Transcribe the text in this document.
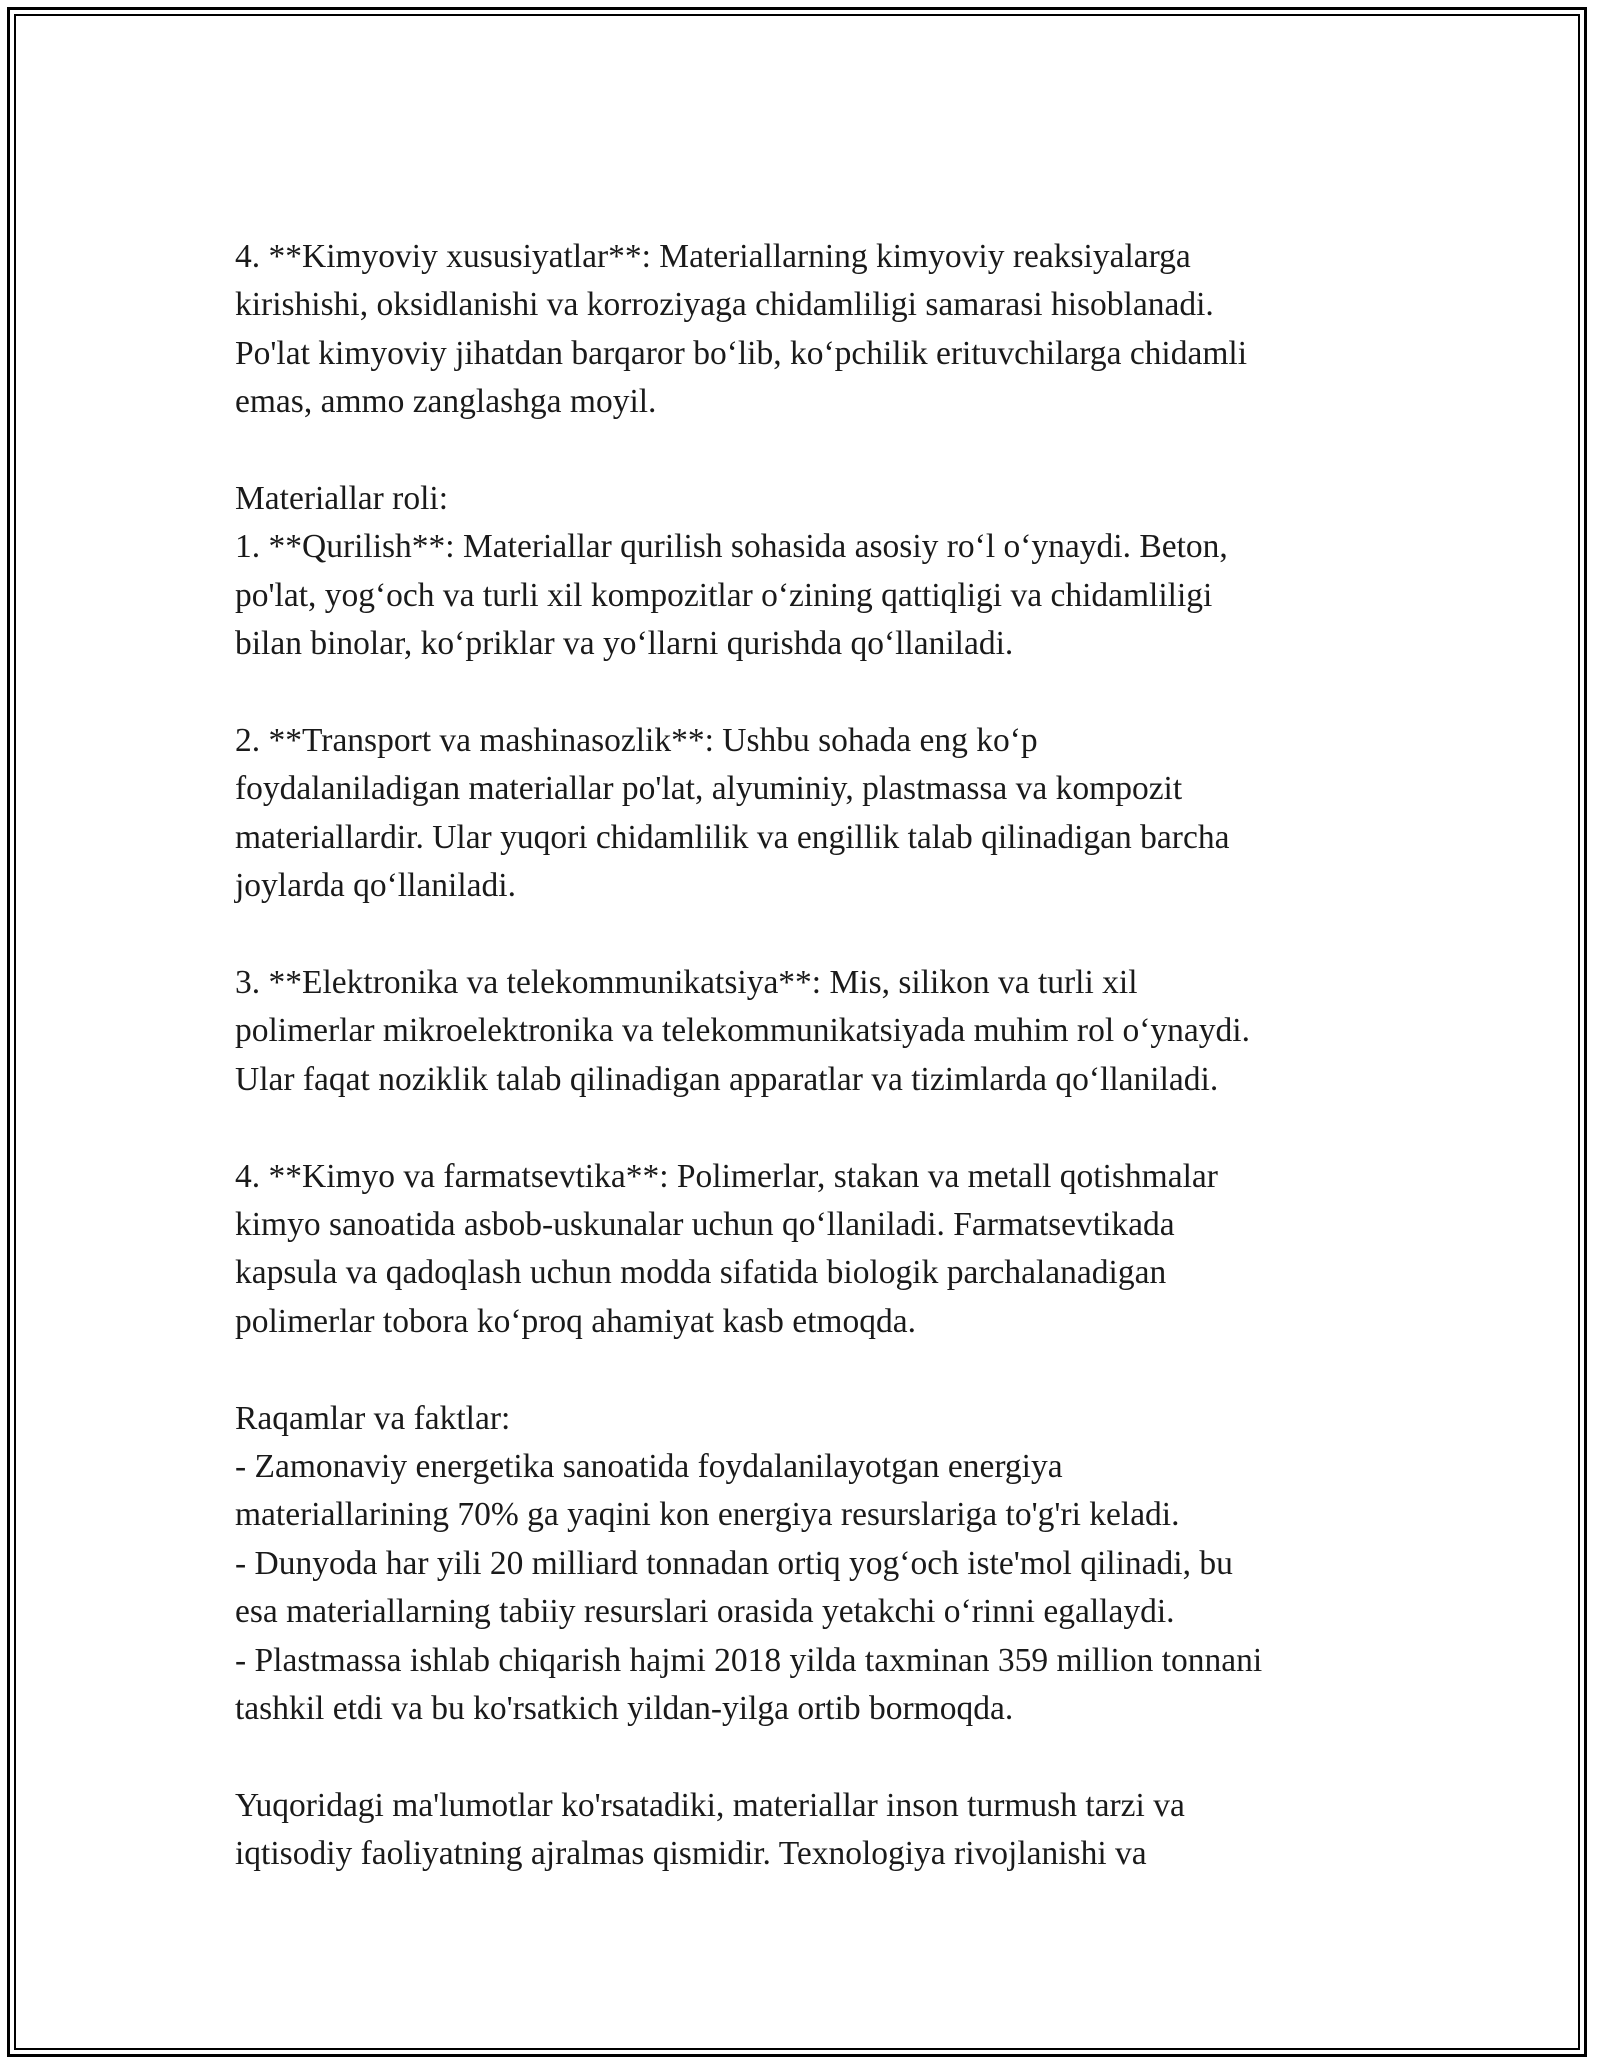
4. **Kimyoviy xususiyatlar**: Materiallarning kimyoviy reaksiyalarga
kirishishi, oksidlanishi va korroziyaga chidamliligi samarasi hisoblanadi.
Po'lat kimyoviy jihatdan barqaror bo‘lib, ko‘pchilik erituvchilarga chidamli
emas, ammo zanglashga moyil.

Materiallar roli:
1. **Qurilish**: Materiallar qurilish sohasida asosiy ro‘l o‘ynaydi. Beton,
po'lat, yog‘och va turli xil kompozitlar o‘zining qattiqligi va chidamliligi
bilan binolar, ko‘priklar va yo‘llarni qurishda qo‘llaniladi.

2. **Transport va mashinasozlik**: Ushbu sohada eng ko‘p
foydalaniladigan materiallar po'lat, alyuminiy, plastmassa va kompozit
materiallardir. Ular yuqori chidamlilik va engillik talab qilinadigan barcha
joylarda qo‘llaniladi.

3. **Elektronika va telekommunikatsiya**: Mis, silikon va turli xil
polimerlar mikroelektronika va telekommunikatsiyada muhim rol o‘ynaydi.
Ular faqat noziklik talab qilinadigan apparatlar va tizimlarda qo‘llaniladi.

4. **Kimyo va farmatsevtika**: Polimerlar, stakan va metall qotishmalar
kimyo sanoatida asbob-uskunalar uchun qo‘llaniladi. Farmatsevtikada
kapsula va qadoqlash uchun modda sifatida biologik parchalanadigan
polimerlar tobora ko‘proq ahamiyat kasb etmoqda.

Raqamlar va faktlar:
- Zamonaviy energetika sanoatida foydalanilayotgan energiya
materiallarining 70% ga yaqini kon energiya resurslariga to'g'ri keladi.
- Dunyoda har yili 20 milliard tonnadan ortiq yog‘och iste'mol qilinadi, bu
esa materiallarning tabiiy resurslari orasida yetakchi o‘rinni egallaydi.
- Plastmassa ishlab chiqarish hajmi 2018 yilda taxminan 359 million tonnani
tashkil etdi va bu ko'rsatkich yildan-yilga ortib bormoqda.

Yuqoridagi ma'lumotlar ko'rsatadiki, materiallar inson turmush tarzi va
iqtisodiy faoliyatning ajralmas qismidir. Texnologiya rivojlanishi va
